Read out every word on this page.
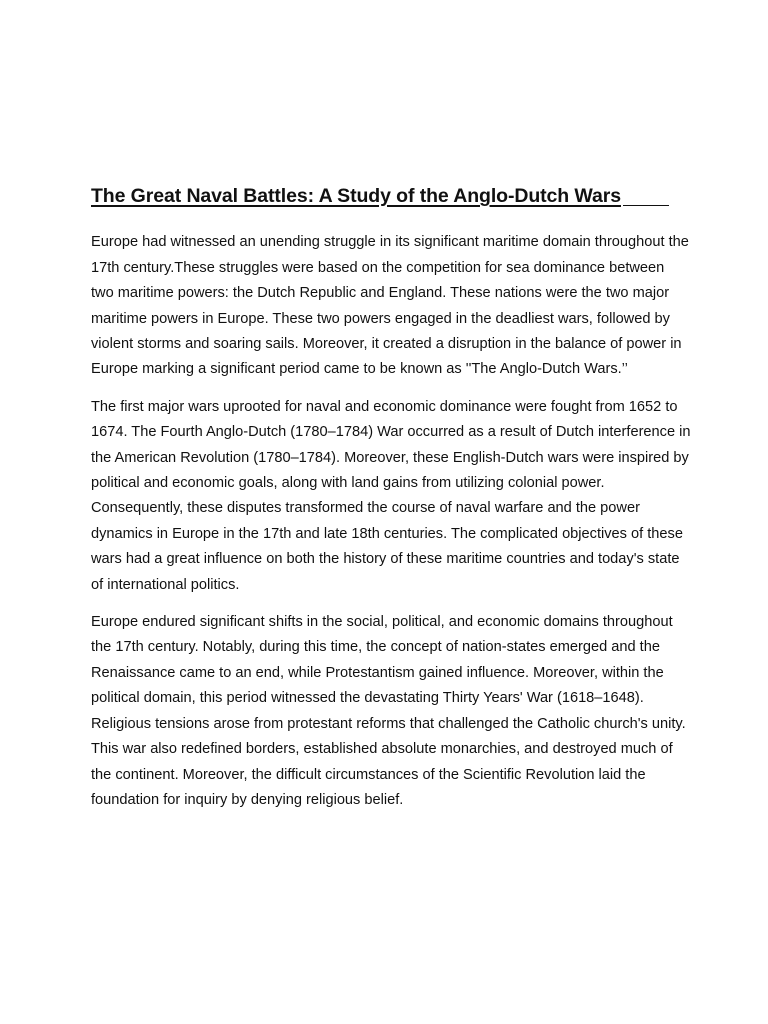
The Great Naval Battles: A Study of the Anglo-Dutch Wars

Europe had witnessed an unending struggle in its significant maritime domain throughout the 17th century.These struggles were based on the competition for sea dominance between two maritime powers: the Dutch Republic and England. These nations were the two major maritime powers in Europe. These two powers engaged in the deadliest wars, followed by violent storms and soaring sails. Moreover, it created a disruption in the balance of power in Europe marking a significant period came to be known as ''The Anglo-Dutch Wars.’’

The first major wars uprooted for naval and economic dominance were fought from 1652 to 1674. The Fourth Anglo-Dutch (1780–1784) War occurred as a result of Dutch interference in the American Revolution (1780–1784). Moreover, these English-Dutch wars were inspired by political and economic goals, along with land gains from utilizing colonial power. Consequently, these disputes transformed the course of naval warfare and the power dynamics in Europe in the 17th and late 18th centuries. The complicated objectives of these wars had a great influence on both the history of these maritime countries and today's state of international politics.

Europe endured significant shifts in the social, political, and economic domains throughout the 17th century. Notably, during this time, the concept of nation-states emerged and the Renaissance came to an end, while Protestantism gained influence. Moreover, within the political domain, this period witnessed the devastating Thirty Years' War (1618–1648). Religious tensions arose from protestant reforms that challenged the Catholic church's unity. This war also redefined borders, established absolute monarchies, and destroyed much of the continent. Moreover, the difficult circumstances of the Scientific Revolution laid the foundation for inquiry by denying religious belief.
